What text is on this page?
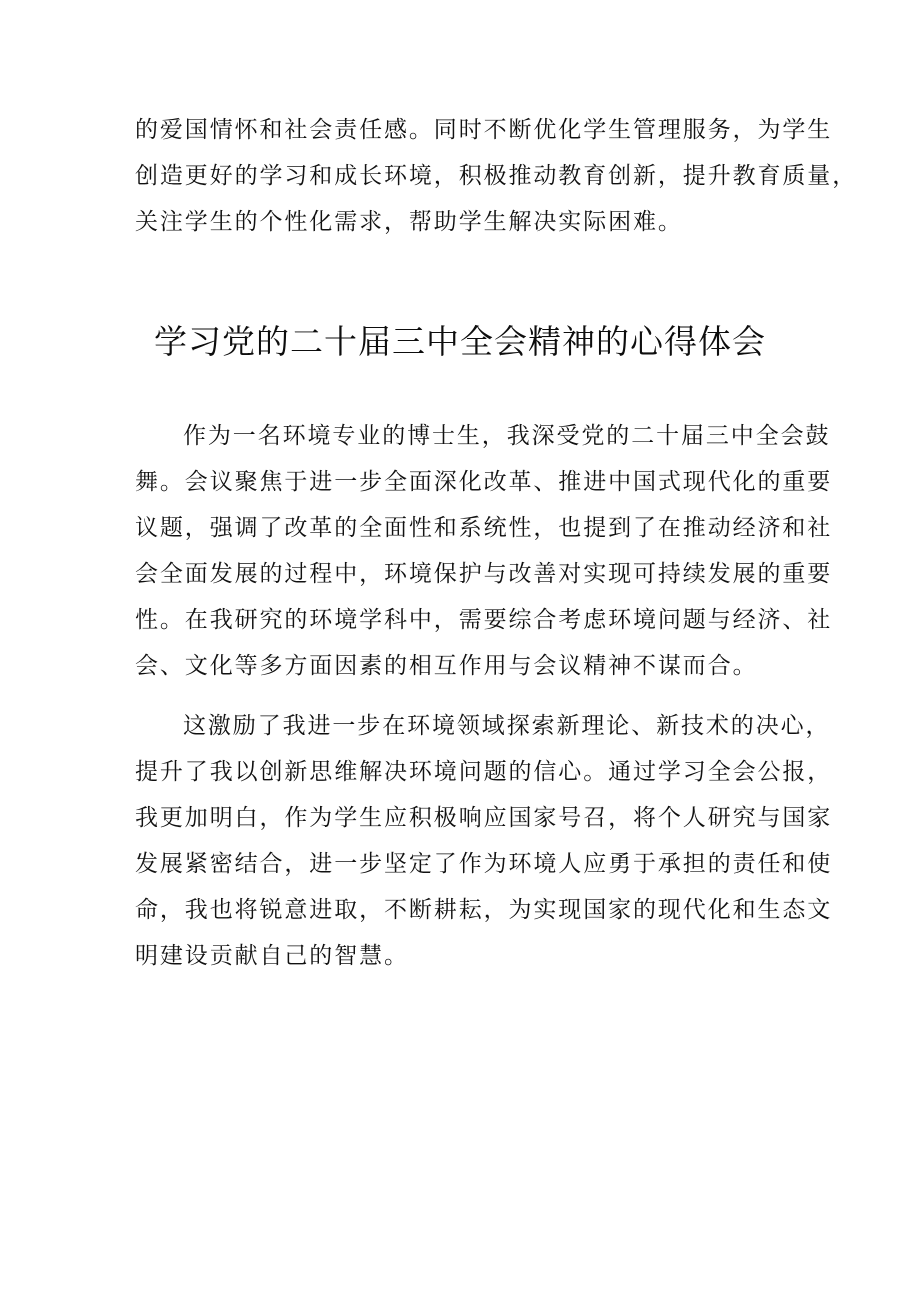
的爱国情怀和社会责任感。同时不断优化学生管理服务，为学生
创造更好的学习和成长环境，积极推动教育创新，提升教育质量，
关注学生的个性化需求，帮助学生解决实际困难。
学习党的二十届三中全会精神的心得体会
作为一名环境专业的博士生，我深受党的二十届三中全会鼓
舞。会议聚焦于进一步全面深化改革、推进中国式现代化的重要
议题，强调了改革的全面性和系统性，也提到了在推动经济和社
会全面发展的过程中，环境保护与改善对实现可持续发展的重要
性。在我研究的环境学科中，需要综合考虑环境问题与经济、社
会、文化等多方面因素的相互作用与会议精神不谋而合。
这激励了我进一步在环境领域探索新理论、新技术的决心，
提升了我以创新思维解决环境问题的信心。通过学习全会公报，
我更加明白，作为学生应积极响应国家号召，将个人研究与国家
发展紧密结合，进一步坚定了作为环境人应勇于承担的责任和使
命，我也将锐意进取，不断耕耘，为实现国家的现代化和生态文
明建设贡献自己的智慧。
